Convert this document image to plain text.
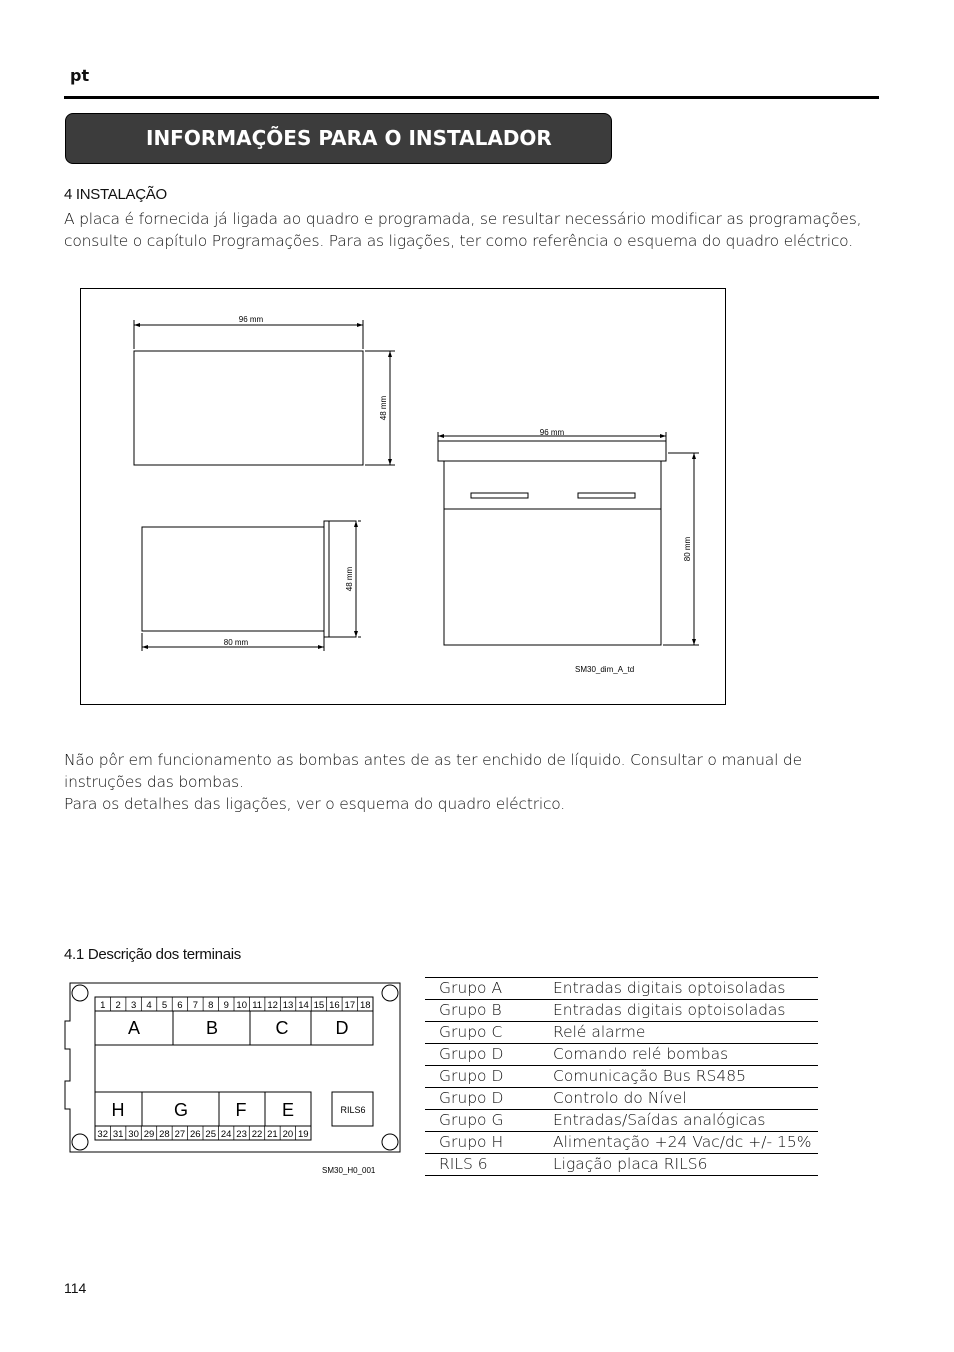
pt
INFORMAÇÕES PARA O INSTALADOR
4 INSTALAÇÃO
A placa é fornecida já ligada ao quadro e programada, se resultar necessário modificar as programações, consulte o capítulo Programações. Para as ligações, ter como referência o esquema do quadro eléctrico.
96 mm
48 mm
96 mm
80 mm
48 mm
80 mm
SM30_dim_A_td
Não pôr em funcionamento as bombas antes de as ter enchido de líquido. Consultar o manual de instruções das bombas.
Para os detalhes das ligações, ver o esquema do quadro eléctrico.
4.1 Descrição dos terminais
1 2 3 4 5 6 7 8 9 10 11 12 13 14 15 16 17 18
32 31 30 29 28 27 26 25 24 23 22 21 20 19
A	B	C	D
H	G	F E	RILS6
SM30_H0_001
Grupo A	Entradas digitais optoisoladas
Grupo B	Entradas digitais optoisoladas
Grupo C	Relé alarme
Grupo D	Comando relé bombas
Grupo D	Comunicação Bus RS485
Grupo D	Controlo do Nível
Grupo G	Entradas/Saídas analógicas
Grupo H	Alimentação +24 Vac/dc +/- 15%
RILS 6	Ligação placa RILS6
114
